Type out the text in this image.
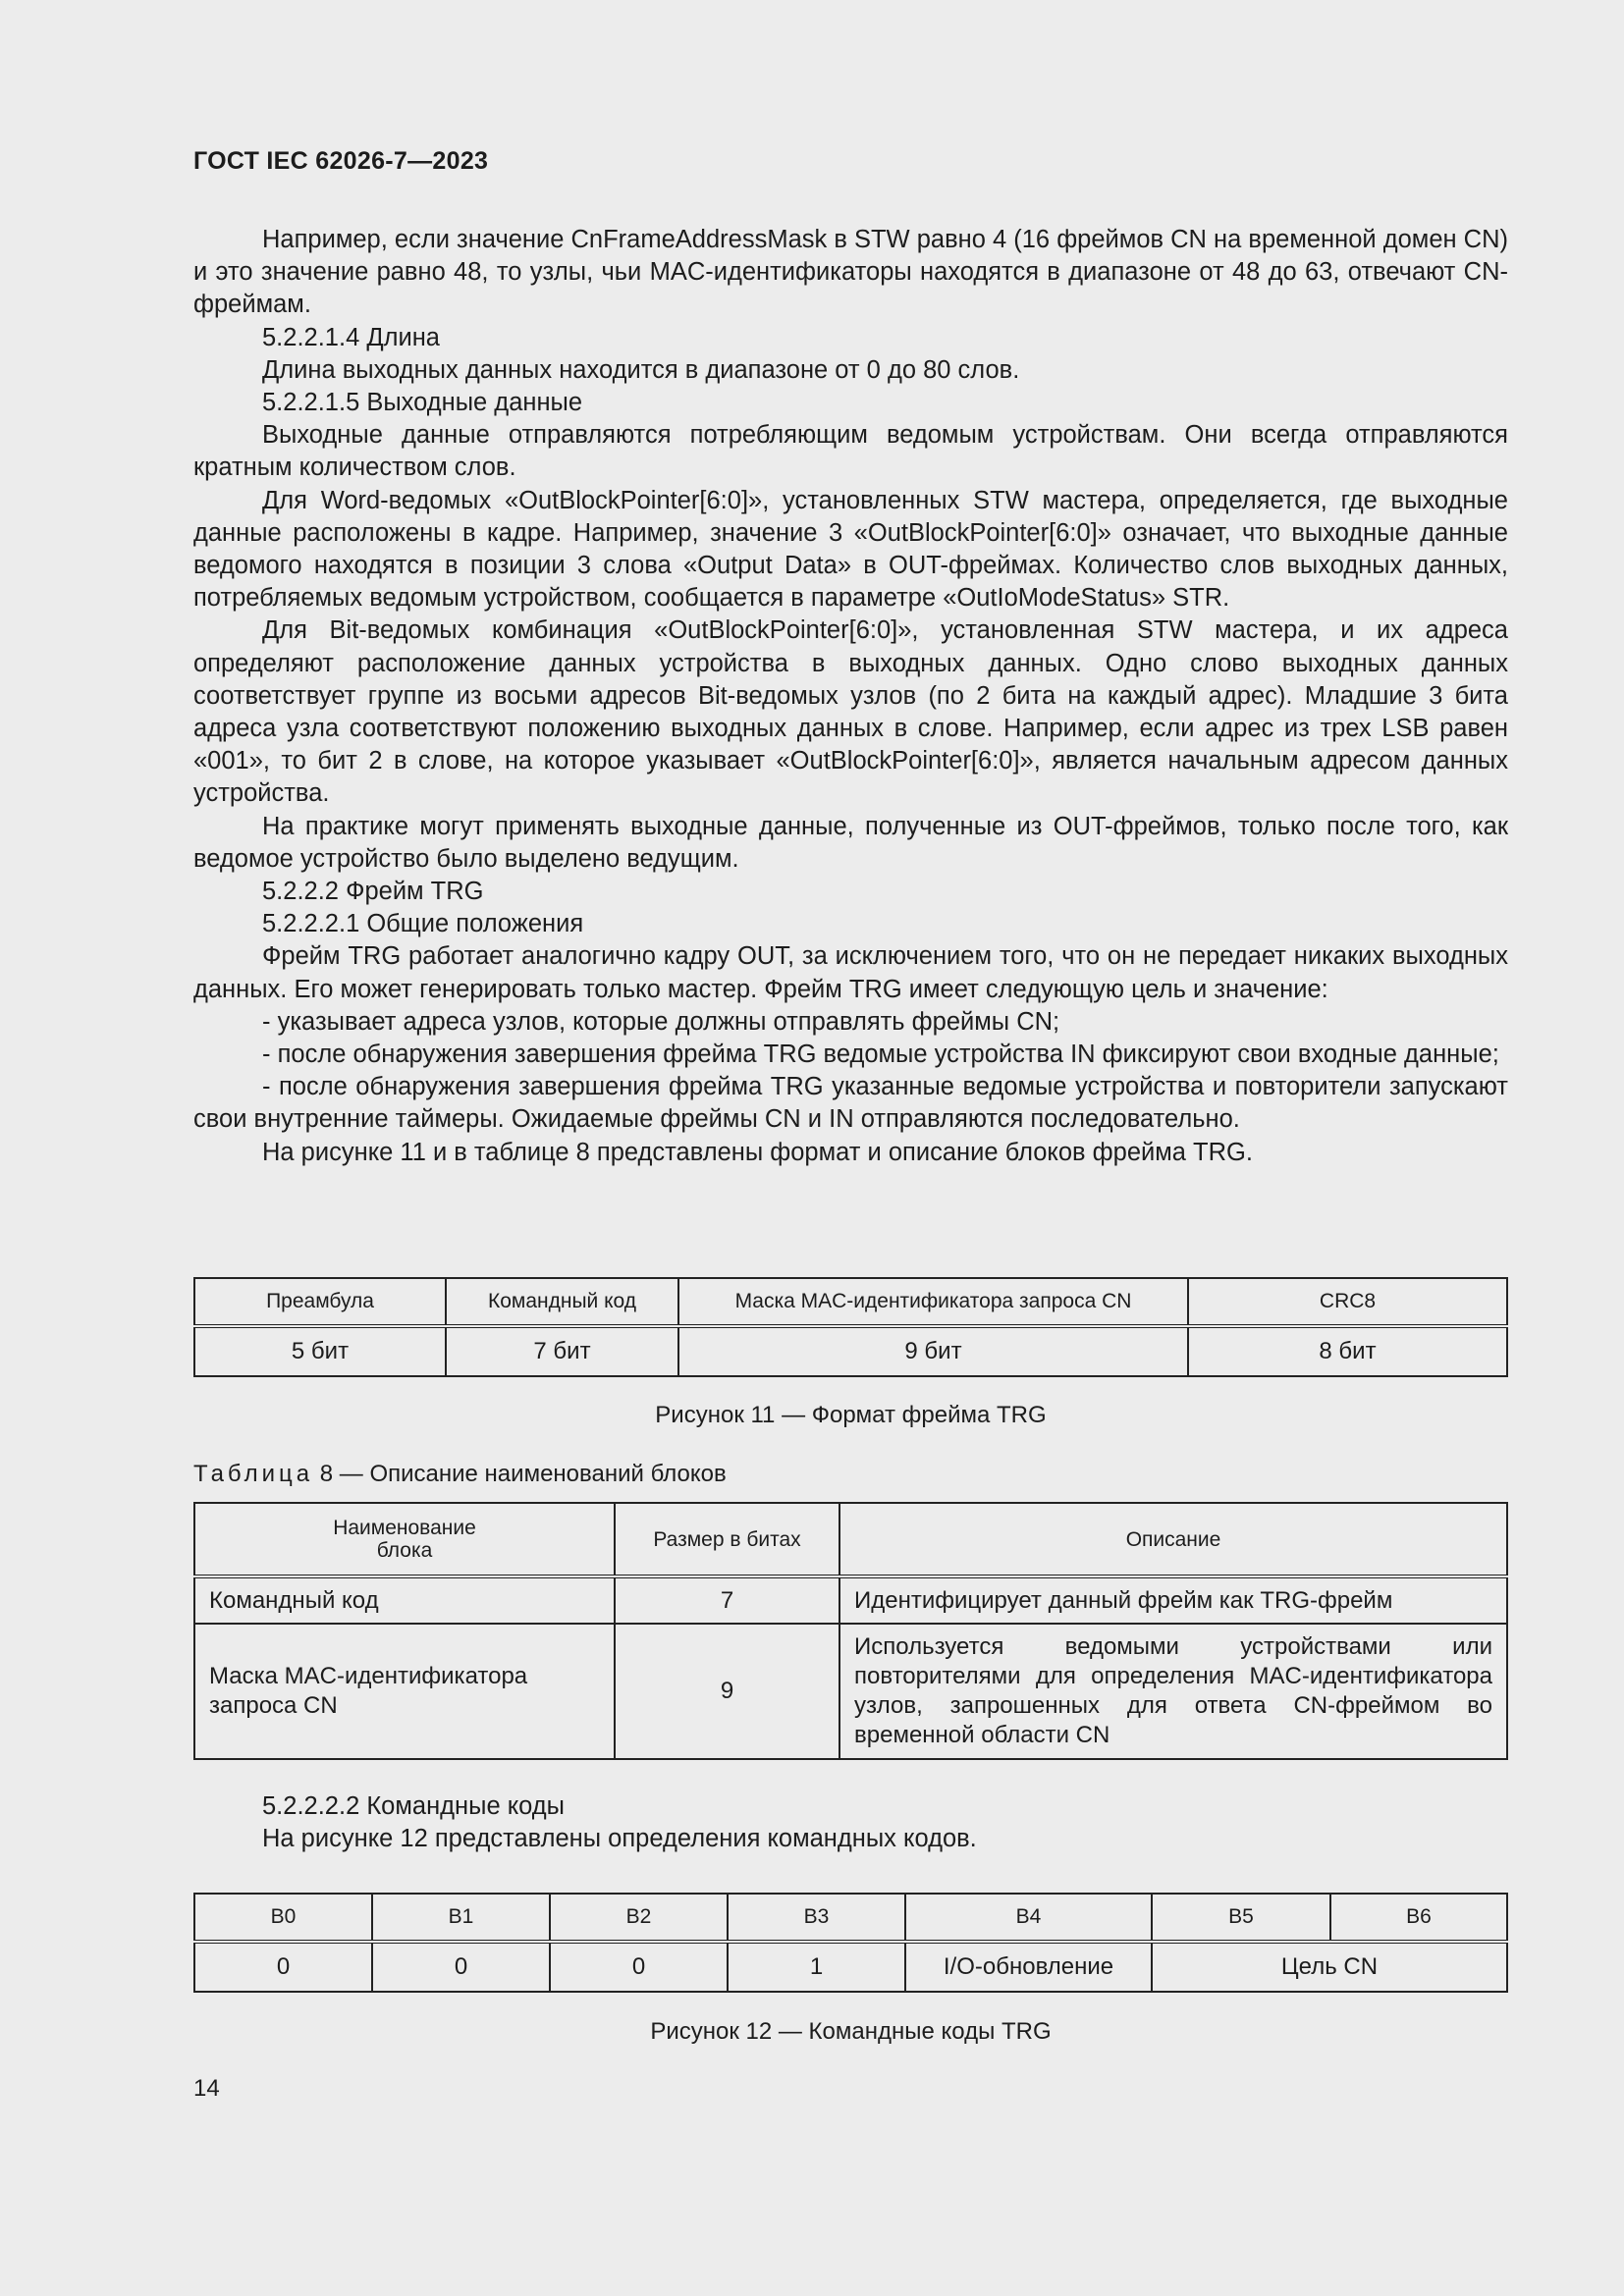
ГОСТ IEC 62026-7—2023

Например, если значение CnFrameAddressMask в STW равно 4 (16 фреймов CN на временной домен CN) и это значение равно 48, то узлы, чьи MAC-идентификаторы находятся в диапазоне от 48 до 63, отвечают CN-фреймам.

5.2.2.1.4 Длина

Длина выходных данных находится в диапазоне от 0 до 80 слов.

5.2.2.1.5 Выходные данные

Выходные данные отправляются потребляющим ведомым устройствам. Они всегда отправляются кратным количеством слов.

Для Word-ведомых «OutBlockPointer[6:0]», установленных STW мастера, определяется, где выходные данные расположены в кадре. Например, значение 3 «OutBlockPointer[6:0]» означает, что выходные данные ведомого находятся в позиции 3 слова «Output Data» в OUT-фреймах. Количество слов выходных данных, потребляемых ведомым устройством, сообщается в параметре «OutIoModeStatus» STR.

Для Bit-ведомых комбинация «OutBlockPointer[6:0]», установленная STW мастера, и их адреса определяют расположение данных устройства в выходных данных. Одно слово выходных данных соответствует группе из восьми адресов Bit-ведомых узлов (по 2 бита на каждый адрес). Младшие 3 бита адреса узла соответствуют положению выходных данных в слове. Например, если адрес из трех LSB равен «001», то бит 2 в слове, на которое указывает «OutBlockPointer[6:0]», является начальным адресом данных устройства.

На практике могут применять выходные данные, полученные из OUT-фреймов, только после того, как ведомое устройство было выделено ведущим.

5.2.2.2 Фрейм TRG

5.2.2.2.1 Общие положения

Фрейм TRG работает аналогично кадру OUT, за исключением того, что он не передает никаких выходных данных. Его может генерировать только мастер. Фрейм TRG имеет следующую цель и значение:

- указывает адреса узлов, которые должны отправлять фреймы CN;

- после обнаружения завершения фрейма TRG ведомые устройства IN фиксируют свои входные данные;

- после обнаружения завершения фрейма TRG указанные ведомые устройства и повторители запускают свои внутренние таймеры. Ожидаемые фреймы CN и IN отправляются последовательно.

На рисунке 11 и в таблице 8 представлены формат и описание блоков фрейма TRG.

Преамбула	Командный код	Маска MAC-идентификатора запроса CN	CRC8
5 бит	7 бит	9 бит	8 бит
Рисунок 11 — Формат фрейма TRG
Таблица 8 — Описание наименований блоков
Наименование блока	Размер в битах	Описание
Командный код	7	Идентифицирует данный фрейм как TRG-фрейм
Маска MAC-идентификатора запроса CN	9	Используется ведомыми устройствами или повторителями для определения MAC-идентификатора узлов, запрошенных для ответа CN-фреймом во временной области CN

5.2.2.2.2 Командные коды

На рисунке 12 представлены определения командных кодов.

B0	B1	B2	B3	B4	B5	B6
0	0	0	1	I/O-обновление	Цель CN	
Рисунок 12 — Командные коды TRG
14
